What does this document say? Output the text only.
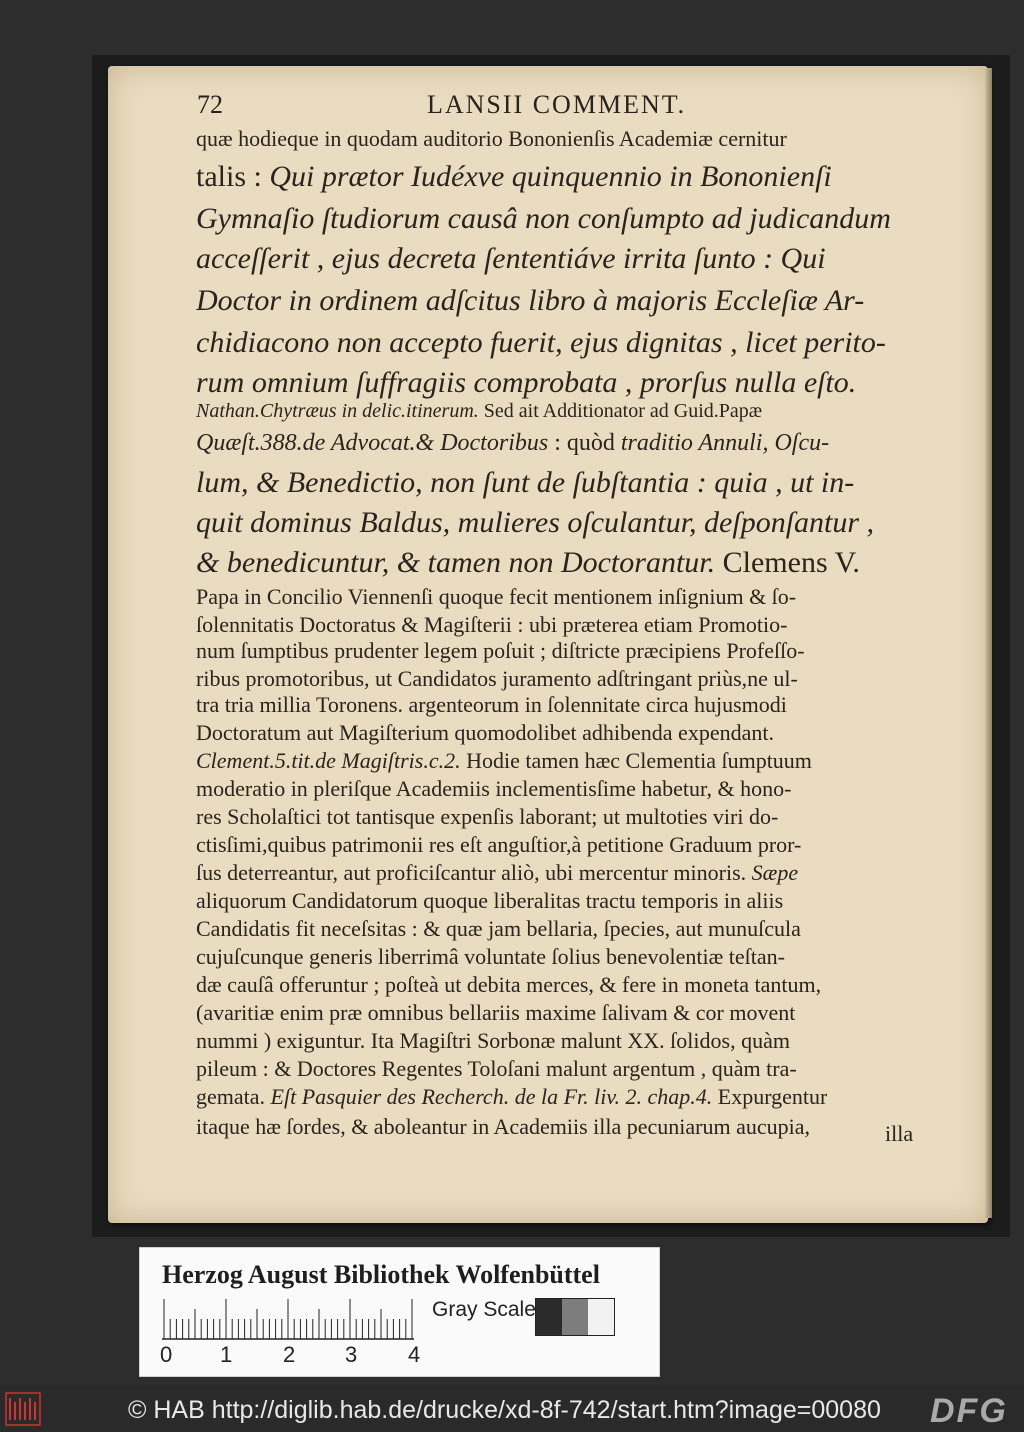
72	LANSII COMMENT.
quæ hodieque in quodam auditorio Bononienſis Academiæ cernitur
talis : Qui prætor Iudéxve quinquennio in Bononienſi
Gymnaſio ſtudiorum causâ non conſumpto ad judicandum
acceſſerit , ejus decreta ſententiáve irrita ſunto : Qui
Doctor in ordinem adſcitus libro à majoris Eccleſiæ Ar-
chidiacono non accepto fuerit, ejus dignitas , licet perito-
rum omnium ſuffragiis comprobata , prorſus nulla eſto.
Nathan.Chytræus in delic.itinerum. Sed ait Additionator ad Guid.Papæ
Quæſt.388.de Advocat.& Doctoribus : quòd traditio Annuli, Oſcu-
lum, & Benedictio, non ſunt de ſubſtantia : quia , ut in-
quit dominus Baldus, mulieres oſculantur, deſponſantur ,
& benedicuntur, & tamen non Doctorantur. Clemens V.
Papa in Concilio Viennenſi quoque fecit mentionem inſignium & ſo-
ſolennitatis Doctoratus & Magiſterii : ubi præterea etiam Promotio-
num ſumptibus prudenter legem poſuit ; diſtricte præcipiens Profeſſo-
ribus promotoribus, ut Candidatos juramento adſtringant priùs,ne ul-
tra tria millia Toronens. argenteorum in ſolennitate circa hujusmodi
Doctoratum aut Magiſterium quomodolibet adhibenda expendant.
Clement.5.tit.de Magiſtris.c.2. Hodie tamen hæc Clementia ſumptuum
moderatio in pleriſque Academiis inclementisſime habetur, & hono-
res Scholaſtici tot tantisque expenſis laborant; ut multoties viri do-
ctisſimi,quibus patrimonii res eſt anguſtior,à petitione Graduum pror-
ſus deterreantur, aut proficiſcantur aliò, ubi mercentur minoris. Sæpe
aliquorum Candidatorum quoque liberalitas tractu temporis in aliis
Candidatis fit neceſsitas : & quæ jam bellaria, ſpecies, aut munuſcula
cujuſcunque generis liberrimâ voluntate ſolius benevolentiæ teſtan-
dæ cauſâ offeruntur ; poſteà ut debita merces, & fere in moneta tantum,
(avaritiæ enim præ omnibus bellariis maxime ſalivam & cor movent
nummi ) exiguntur. Ita Magiſtri Sorbonæ malunt XX. ſolidos, quàm
pileum : & Doctores Regentes Toloſani malunt argentum , quàm tra-
gemata. Eſt Pasquier des Recherch. de la Fr. liv. 2. chap.4. Expurgentur
itaque hæ ſordes, & aboleantur in Academiis illa pecuniarum aucupia,	illa
Herzog August Bibliothek Wolfenbüttel
Gray Scale
0 1 2 3 4
© HAB http://diglib.hab.de/drucke/xd-8f-742/start.htm?image=00080 DFG
